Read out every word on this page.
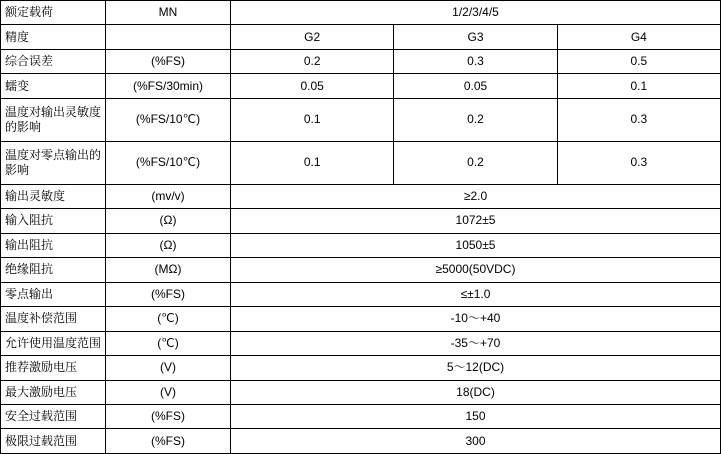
额定载荷	MN	1/2/3/4/5		
精度		G2	G3	G4
综合误差	(%FS)	0.2	0.3	0.5
蠕变	(%FS/30min)	0.05	0.05	0.1
温度对输出灵敏度的影响	(%FS/10℃)	0.1	0.2	0.3
温度对零点输出的影响	(%FS/10℃)	0.1	0.2	0.3
输出灵敏度	(mv/v)	≥2.0		
输入阻抗	(Ω)	1072±5		
输出阻抗	(Ω)	1050±5		
绝缘阻抗	(MΩ)	≥5000(50VDC)		
零点输出	(%FS)	≤±1.0		
温度补偿范围	(℃)	-10～+40		
允许使用温度范围	(℃)	-35～+70		
推荐激励电压	(V)	5～12(DC)		
最大激励电压	(V)	18(DC)		
安全过载范围	(%FS)	150		
极限过载范围	(%FS)	300		
